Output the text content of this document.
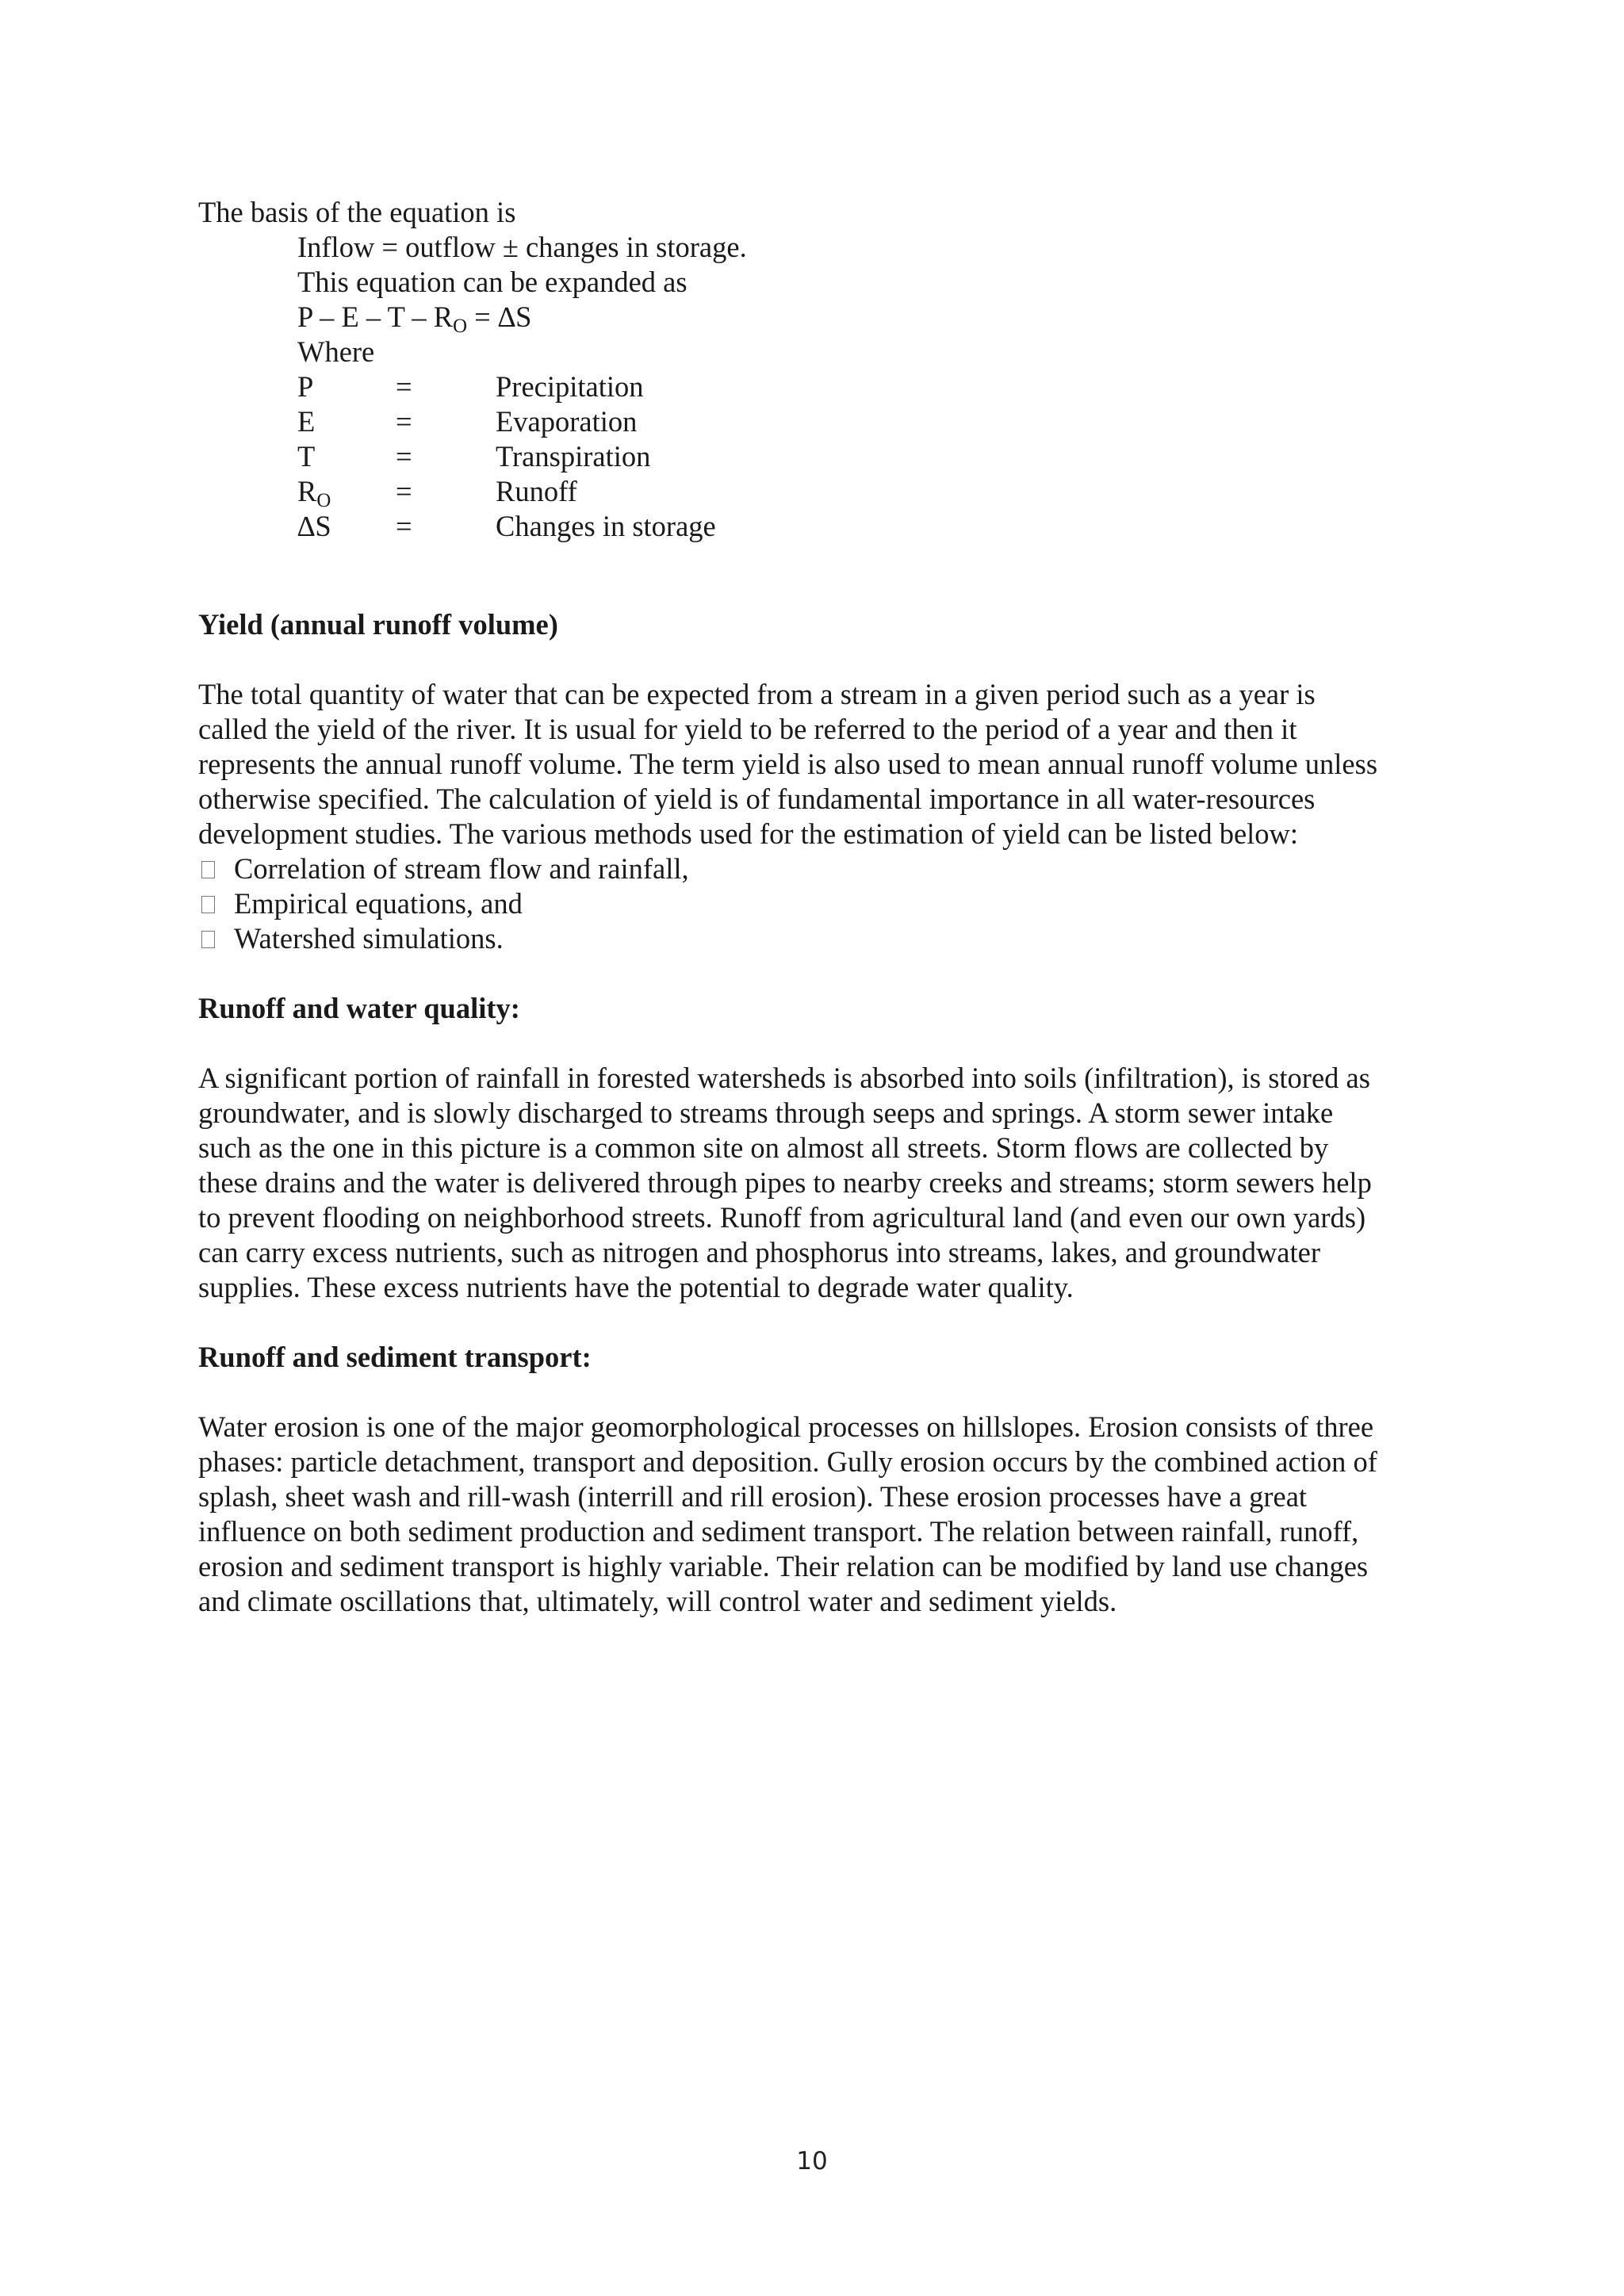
The basis of the equation is
Inflow = outflow ± changes in storage.
This equation can be expanded as
$P - E - T - R_O = \Delta S$
Where
P	=	Precipitation
E	=	Evaporation
T	=	Transpiration
$R_O$	=	Runoff
∆S	=	Changes in storage
Yield (annual runoff volume)
The total quantity of water that can be expected from a stream in a given period such as a year is
called the yield of the river. It is usual for yield to be referred to the period of a year and then it
represents the annual runoff volume. The term yield is also used to mean annual runoff volume unless
otherwise specified. The calculation of yield is of fundamental importance in all water-resources
development studies. The various methods used for the estimation of yield can be listed below:
Correlation of stream flow and rainfall,
Empirical equations, and
Watershed simulations.
Runoff and water quality:
A significant portion of rainfall in forested watersheds is absorbed into soils (infiltration), is stored as
groundwater, and is slowly discharged to streams through seeps and springs. A storm sewer intake
such as the one in this picture is a common site on almost all streets. Storm flows are collected by
these drains and the water is delivered through pipes to nearby creeks and streams; storm sewers help
to prevent flooding on neighborhood streets. Runoff from agricultural land (and even our own yards)
can carry excess nutrients, such as nitrogen and phosphorus into streams, lakes, and groundwater
supplies. These excess nutrients have the potential to degrade water quality.
Runoff and sediment transport:
Water erosion is one of the major geomorphological processes on hillslopes. Erosion consists of three
phases: particle detachment, transport and deposition. Gully erosion occurs by the combined action of
splash, sheet wash and rill-wash (interrill and rill erosion). These erosion processes have a great
influence on both sediment production and sediment transport. The relation between rainfall, runoff,
erosion and sediment transport is highly variable. Their relation can be modified by land use changes
and climate oscillations that, ultimately, will control water and sediment yields.
10
